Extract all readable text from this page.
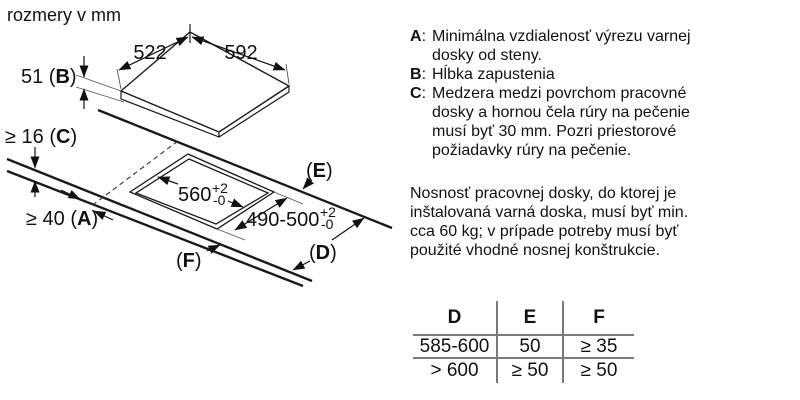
rozmery v mm
522	592
51 (B)
≥ 16 (C)
≥ 40 (A)
560+2 -0
490-500+2 -0
(E)
(F)	(D)
A: Minimálna vzdialenosť výrezu varnej
dosky od steny.
B: Hĺbka zapustenia
C: Medzera medzi povrchom pracovné
dosky a hornou čela rúry na pečenie
musí byť 30 mm. Pozri priestorové
požiadavky rúry na pečenie.
Nosnosť pracovnej dosky, do ktorej je
inštalovaná varná doska, musí byť min.
cca 60 kg; v prípade potreby musí byť
použité vhodné nosnej konštrukcie.
D	E	F
585-600	50	≥ 35
> 600	≥ 50	≥ 50
